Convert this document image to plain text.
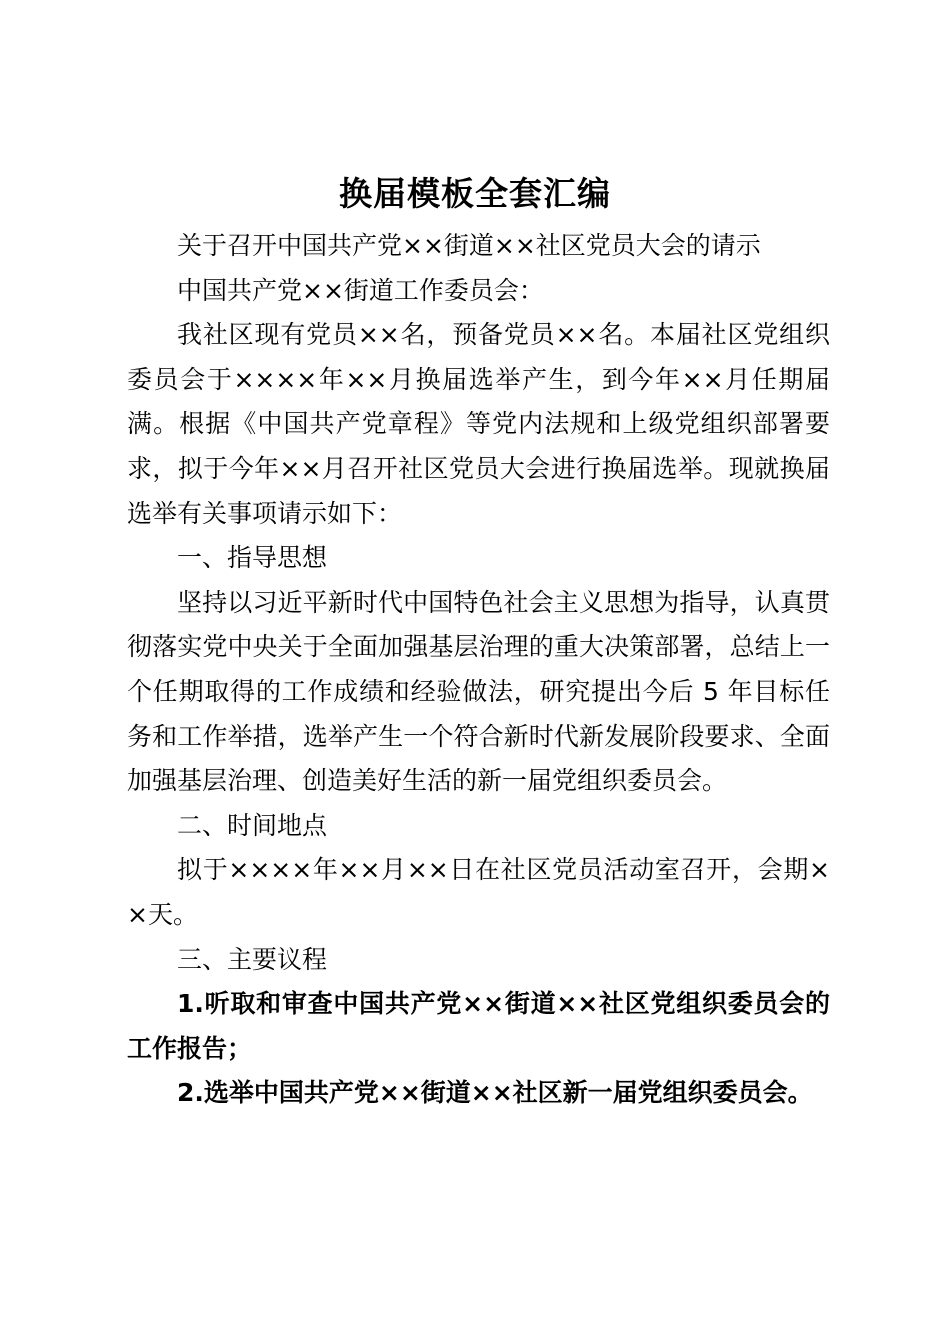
换届模板全套汇编

关于召开中国共产党××街道××社区党员大会的请示

中国共产党××街道工作委员会：

我社区现有党员××名，预备党员××名。本届社区党组织委员会于××××年××月换届选举产生，到今年××月任期届满。根据《中国共产党章程》等党内法规和上级党组织部署要求，拟于今年××月召开社区党员大会进行换届选举。现就换届选举有关事项请示如下：

一、指导思想

坚持以习近平新时代中国特色社会主义思想为指导，认真贯彻落实党中央关于全面加强基层治理的重大决策部署，总结上一个任期取得的工作成绩和经验做法，研究提出今后 5 年目标任务和工作举措，选举产生一个符合新时代新发展阶段要求、全面加强基层治理、创造美好生活的新一届党组织委员会。

二、时间地点

拟于××××年××月××日在社区党员活动室召开，会期××天。

三、主要议程

1.听取和审查中国共产党××街道××社区党组织委员会的工作报告；

2.选举中国共产党××街道××社区新一届党组织委员会。
